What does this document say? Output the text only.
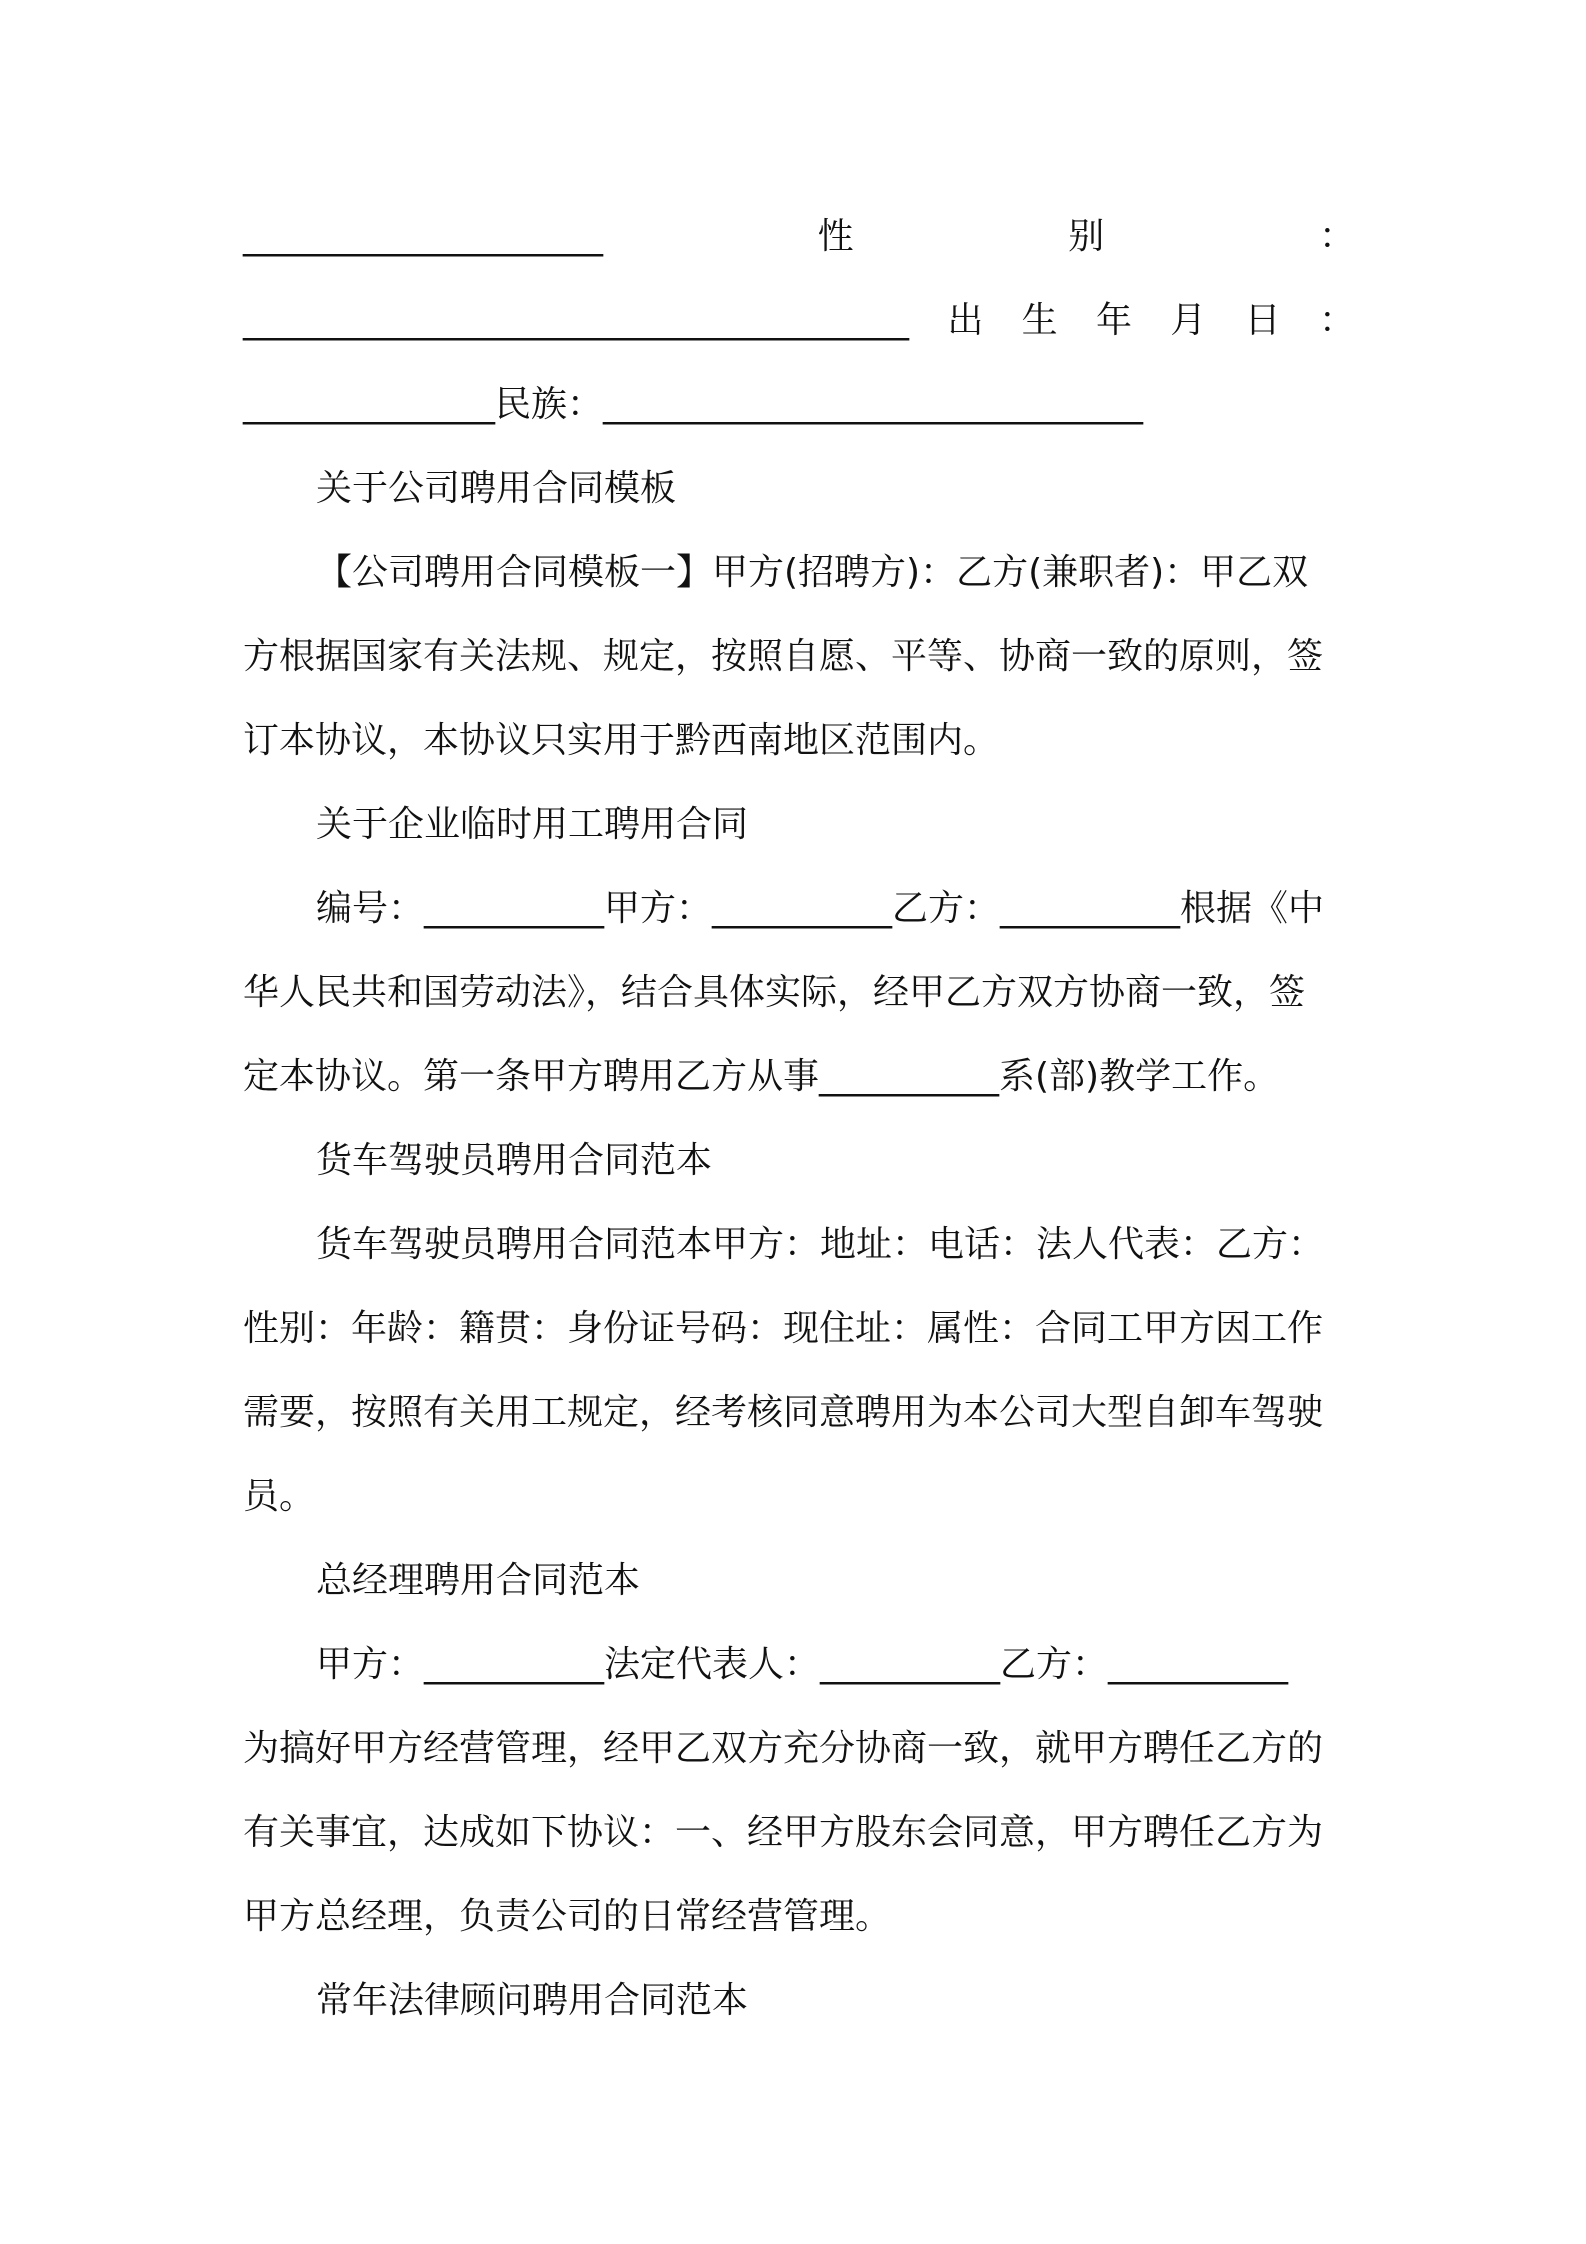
____________________	性	别	：
_____________________________________ 出 生 年 月 日 ：
______________民族：______________________________
关于公司聘用合同模板
【公司聘用合同模板一】甲方(招聘方)：乙方(兼职者)：甲乙双
方根据国家有关法规、规定，按照自愿、平等、协商一致的原则，签
订本协议，本协议只实用于黔西南地区范围内。
关于企业临时用工聘用合同
编号：__________甲方：__________乙方：__________根据《中
华人民共和国劳动法》，结合具体实际，经甲乙方双方协商一致，签
定本协议。第一条甲方聘用乙方从事__________系(部)教学工作。
货车驾驶员聘用合同范本
货车驾驶员聘用合同范本甲方：地址：电话：法人代表：乙方：
性别：年龄：籍贯：身份证号码：现住址：属性：合同工甲方因工作
需要，按照有关用工规定，经考核同意聘用为本公司大型自卸车驾驶
员。
总经理聘用合同范本
甲方：__________法定代表人：__________乙方：__________
为搞好甲方经营管理，经甲乙双方充分协商一致，就甲方聘任乙方的
有关事宜，达成如下协议：一、经甲方股东会同意，甲方聘任乙方为
甲方总经理，负责公司的日常经营管理。
常年法律顾问聘用合同范本
